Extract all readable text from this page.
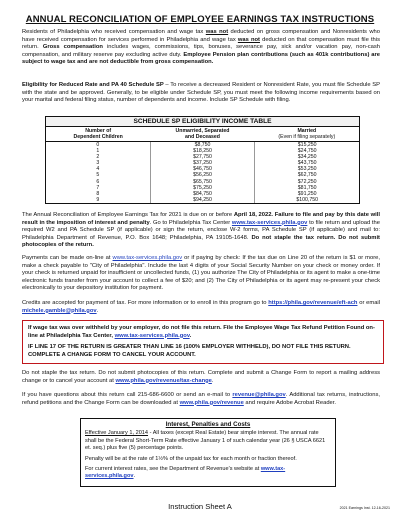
ANNUAL RECONCILIATION OF EMPLOYEE EARNINGS TAX INSTRUCTIONS
Residents of Philadelphia who received compensation and wage tax was not deducted on gross compensation and Nonresidents who have received compensation for services performed in Philadelphia and wage tax was not deducted on that compensation must file this return. Gross compensation includes wages, commissions, tips, bonuses, severance pay, sick and/or vacation pay, non-cash compensation, and military reserve pay excluding active duty. Employee Pension plan contributions (such as 401k contributions) are subject to wage tax and are not deductible from gross compensation.
Eligibility for Reduced Rate and PA 40 Schedule SP – To receive a decreased Resident or Nonresident Rate, you must file Schedule SP with the state and be approved. Generally, to be eligible under Schedule SP, you must meet the following income requirements based on your marital and federal filing status, number of dependents and income. Include SP Schedule with filing.
SCHEDULE SP ELIGIBILITY INCOME TABLE
Number of
Dependent Children
Unmarried, Separated
and Deceased
Married
(Even if filing separately)
0
1
2
3
4
5
6
7
8
9
$8,750
$18,250
$27,750
$37,250
$46,750
$56,250
$65,750
$75,250
$84,750
$94,250
$15,250
$24,750
$34,250
$43,750
$53,250
$62,750
$72,250
$81,750
$91,250
$100,750
The Annual Reconciliation of Employee Earnings Tax for 2021 is due on or before April 18, 2022. Failure to file and pay by this date will result in the imposition of interest and penalty. Go to Philadelphia Tax Center www.tax-services.phila.gov to file return and upload the required W2 and PA Schedule SP (if applicable) or sign the return, enclose W-2 forms, PA Schedule SP (if applicable) and mail to: Philadelphia Department of Revenue, P.O. Box 1648; Philadelphia, PA 19105-1648. Do not staple the tax return. Do not submit photocopies of the return.
Payments can be made on-line at www.tax-services.phila.gov or if paying by check: If the tax due on Line 20 of the return is $1 or more, make a check payable to "City of Philadelphia". Include the last 4 digits of your Social Security Number on your check or money order. If your check is returned unpaid for insufficient or uncollected funds, (1) you authorize The City of Philadelphia or its agent to make a one-time electronic funds transfer from your account to collect a fee of $20; and (2) The City of Philadelphia or its agent may re-present your check electronically to your depository institution for payment.
Credits are accepted for payment of tax. For more information or to enroll in this program go to https://phila.gov/revenue/eft-ach or email michele.gamble@phila.gov.

If wage tax was over withheld by your employer, do not file this return. File the Employee Wage Tax Refund Petition Found on-line at Philadelphia Tax Center, www.tax-services.phila.gov.

IF LINE 17 OF THE RETURN IS GREATER THAN LINE 16 (100% EMPLOYER WITHHELD), DO NOT FILE THIS RETURN. COMPLETE A CHANGE FORM TO CANCEL YOUR ACCOUNT.

Do not staple the tax return. Do not submit photocopies of this return. Complete and submit a Change Form to report a mailing address change or to cancel your account at www.phila.gov/revenue/tax-change.
If you have questions about this return call 215-686-6600 or send an e-mail to revenue@phila.gov. Additional tax returns, instructions, refund petitions and the Change Form can be downloaded at www.phila.gov/revenue and require Adobe Acrobat Reader.
Interest, Penalties and Costs

Effective January 1, 2014 - All taxes (except Real Estate) bear simple interest. The annual rate shall be the Federal Short-Term Rate effective January 1 of such calendar year (26 § USCA 6621 et. seq.) plus five (5) percentage points.

Penalty will be at the rate of 1½% of the unpaid tax for each month or fraction thereof.

For current interest rates, see the Department of Revenue's website at www.tax-services.phila.gov.

Instruction Sheet A	2021 Earnings Inst. 12-16-2021
